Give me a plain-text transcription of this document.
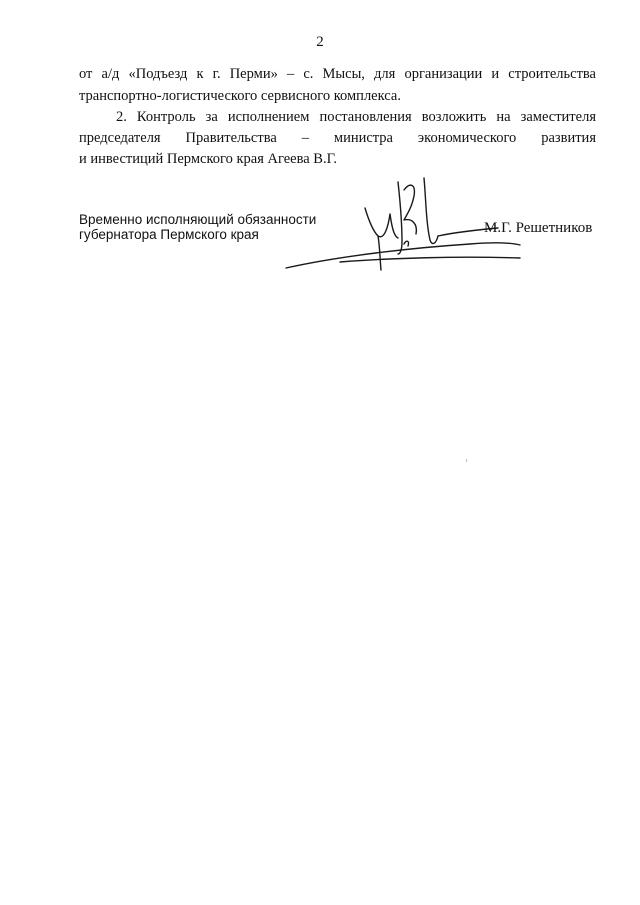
2
от а/д «Подъезд к г. Перми» – с. Мысы, для организации и строительства
транспортно-логистического сервисного комплекса.
2. Контроль за исполнением постановления возложить на заместителя
председателя Правительства – министра экономического развития
и инвестиций Пермского края Агеева В.Г.
Временно исполняющий обязанности
губернатора Пермского края	М.Г. Решетников
